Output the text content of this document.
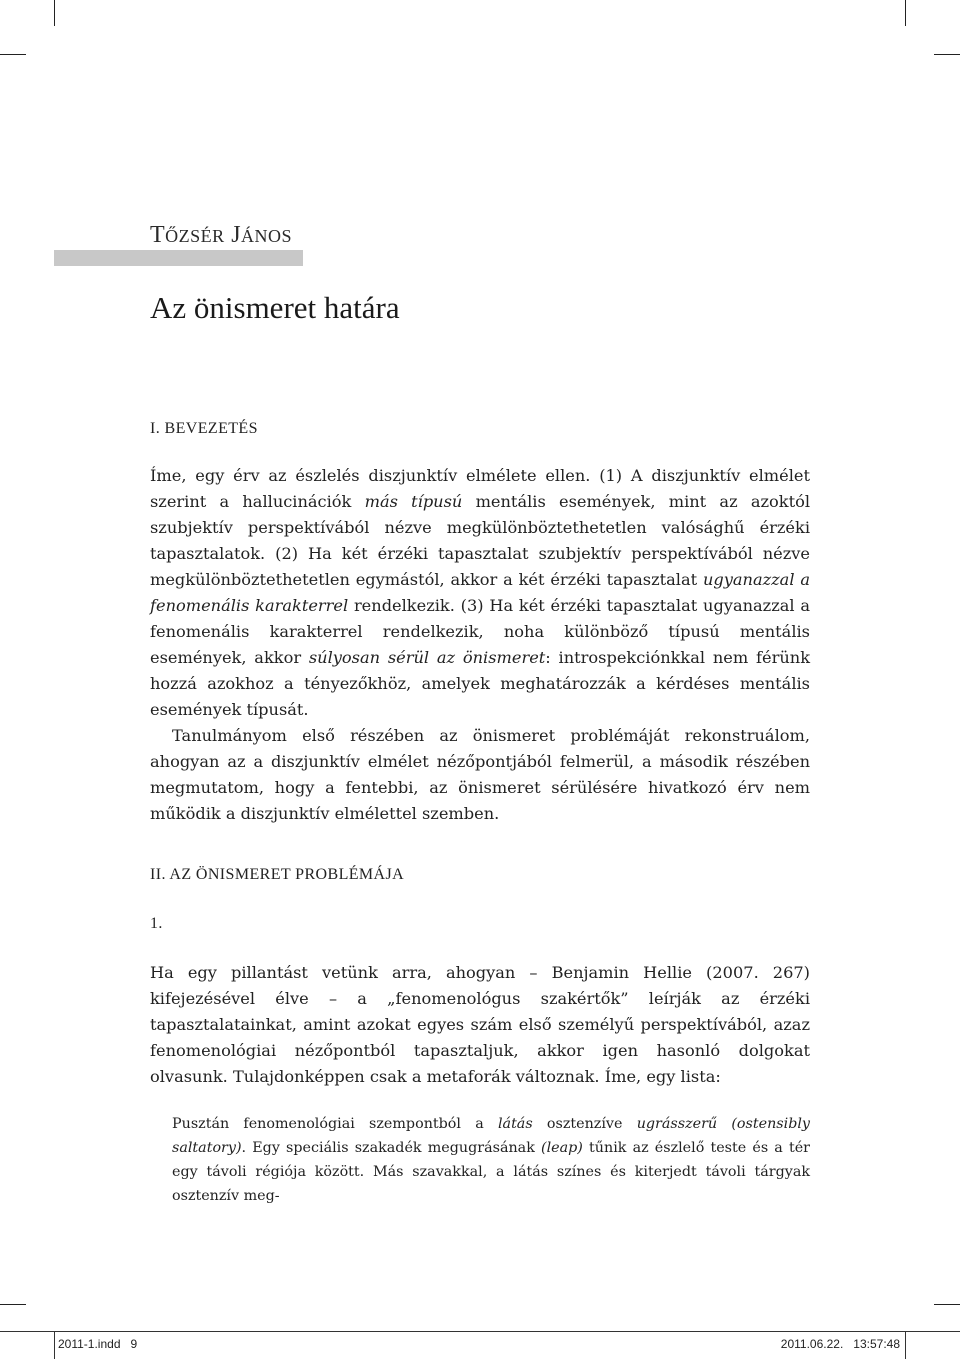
TŐZSÉR JÁNOS
Az önismeret határa
I. BEVEZETÉS

Íme, egy érv az észlelés diszjunktív elmélete ellen. (1) A diszjunktív elmélet szerint a hallucinációk más típusú mentális események, mint az azoktól szubjektív perspektívából nézve megkülönböztethetetlen valósághű érzéki tapasztalatok. (2) Ha két érzéki tapasztalat szubjektív perspektívából nézve megkülönböztethetetlen egymástól, akkor a két érzéki tapasztalat ugyanazzal a fenomenális karakterrel rendelkezik. (3) Ha két érzéki tapasztalat ugyanazzal a fenomenális karakterrel rendelkezik, noha különböző típusú mentális események, akkor súlyosan sérül az önismeret: introspekciónkkal nem férünk hozzá azokhoz a tényezőkhöz, amelyek meghatározzák a kérdéses mentális események típusát.

Tanulmányom első részében az önismeret problémáját rekonstruálom, ahogyan az a diszjunktív elmélet nézőpontjából felmerül, a második részében megmutatom, hogy a fentebbi, az önismeret sérülésére hivatkozó érv nem működik a diszjunktív elmélettel szemben.

II. AZ ÖNISMERET PROBLÉMÁJA
1.

Ha egy pillantást vetünk arra, ahogyan – Benjamin Hellie (2007. 267) kifejezésével élve – a „fenomenológus szakértők” leírják az érzéki tapasztalatainkat, amint azokat egyes szám első személyű perspektívából, azaz fenomenológiai nézőpontból tapasztaljuk, akkor igen hasonló dolgokat olvasunk. Tulajdonképpen csak a metaforák változnak. Íme, egy lista:

Pusztán fenomenológiai szempontból a látás osztenzíve ugrásszerű (ostensibly saltatory). Egy speciális szakadék megugrásának (leap) tűnik az észlelő teste és a tér egy távoli régiója között. Más szavakkal, a látás színes és kiterjedt távoli tárgyak osztenzív meg-

2011-1.indd   9	2011.06.22.   13:57:48
